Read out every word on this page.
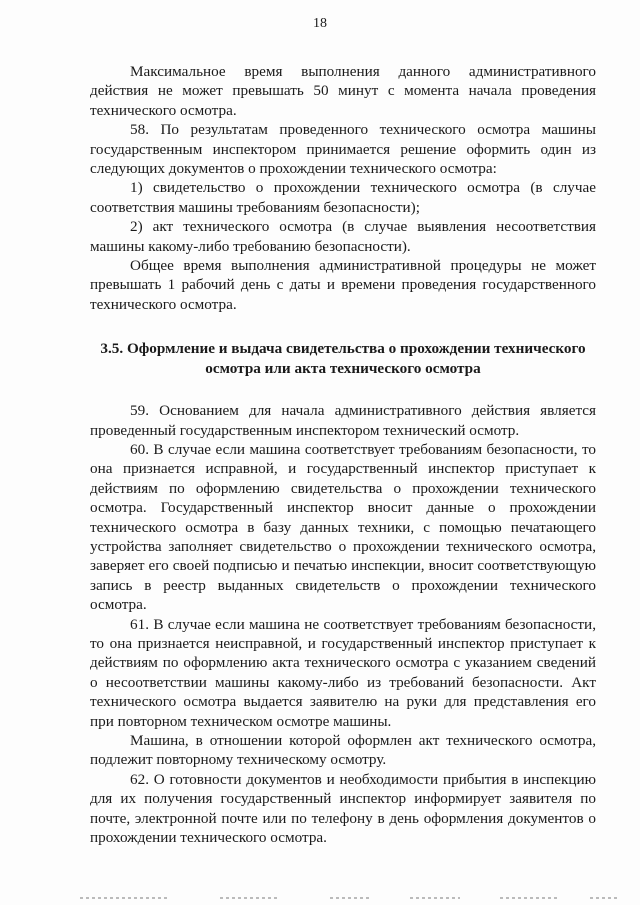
18

Максимальное время выполнения данного административного действия не может превышать 50 минут с момента начала проведения технического осмотра.

58. По результатам проведенного технического осмотра машины государственным инспектором принимается решение оформить один из следующих документов о прохождении технического осмотра:

1) свидетельство о прохождении технического осмотра (в случае соответствия машины требованиям безопасности);

2) акт технического осмотра (в случае выявления несоответствия машины какому-либо требованию безопасности).

Общее время выполнения административной процедуры не может превышать 1 рабочий день с даты и времени проведения государственного технического осмотра.

3.5. Оформление и выдача свидетельства о прохождении технического
осмотра или акта технического осмотра

59. Основанием для начала административного действия является проведенный государственным инспектором технический осмотр.

60. В случае если машина соответствует требованиям безопасности, то она признается исправной, и государственный инспектор приступает к действиям по оформлению свидетельства о прохождении технического осмотра. Государственный инспектор вносит данные о прохождении технического осмотра в базу данных техники, с помощью печатающего устройства заполняет свидетельство о прохождении технического осмотра, заверяет его своей подписью и печатью инспекции, вносит соответствующую запись в реестр выданных свидетельств о прохождении технического осмотра.

61. В случае если машина не соответствует требованиям безопасности, то она признается неисправной, и государственный инспектор приступает к действиям по оформлению акта технического осмотра с указанием сведений о несоответствии машины какому-либо из требований безопасности. Акт технического осмотра выдается заявителю на руки для представления его при повторном техническом осмотре машины.

Машина, в отношении которой оформлен акт технического осмотра, подлежит повторному техническому осмотру.

62. О готовности документов и необходимости прибытия в инспекцию для их получения государственный инспектор информирует заявителя по почте, электронной почте или по телефону в день оформления документов о прохождении технического осмотра.
